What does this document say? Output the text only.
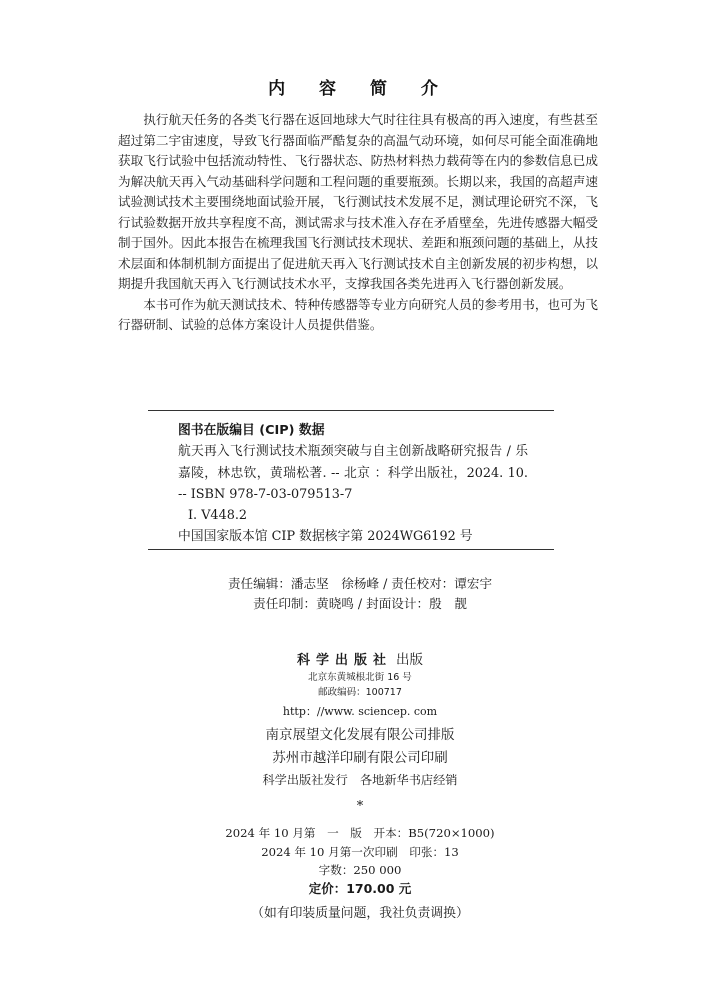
内 容 简 介

执行航天任务的各类飞行器在返回地球大气时往往具有极高的再入速度，有些甚至超过第二宇宙速度，导致飞行器面临严酷复杂的高温气动环境，如何尽可能全面准确地获取飞行试验中包括流动特性、飞行器状态、防热材料热力载荷等在内的参数信息已成为解决航天再入气动基础科学问题和工程问题的重要瓶颈。长期以来，我国的高超声速试验测试技术主要围绕地面试验开展，飞行测试技术发展不足，测试理论研究不深，飞行试验数据开放共享程度不高，测试需求与技术准入存在矛盾壁垒，先进传感器大幅受制于国外。因此本报告在梳理我国飞行测试技术现状、差距和瓶颈问题的基础上，从技术层面和体制机制方面提出了促进航天再入飞行测试技术自主创新发展的初步构想，以期提升我国航天再入飞行测试技术水平，支撑我国各类先进再入飞行器创新发展。

本书可作为航天测试技术、特种传感器等专业方向研究人员的参考用书，也可为飞行器研制、试验的总体方案设计人员提供借鉴。

图书在版编目 (CIP) 数据
航天再入飞行测试技术瓶颈突破与自主创新战略研究报告 / 乐嘉陵，林忠钦，黄瑞松著. -- 北京 ：科学出版社，2024. 10. -- ISBN 978-7-03-079513-7
Ⅰ. V448.2
中国国家版本馆 CIP 数据核字第 2024WG6192 号
责任编辑：潘志坚　徐杨峰 / 责任校对：谭宏宇
责任印制：黄晓鸣 / 封面设计：殷　靓
科学出版社 出版
北京东黄城根北街 16 号
邮政编码：100717
http：//www. sciencep. com
南京展望文化发展有限公司排版
苏州市越洋印刷有限公司印刷
科学出版社发行　各地新华书店经销
*
2024 年 10 月第　一　版　开本：B5(720×1000)
2024 年 10 月第一次印刷　印张：13
字数：250 000
定价：170.00 元
（如有印装质量问题，我社负责调换）
